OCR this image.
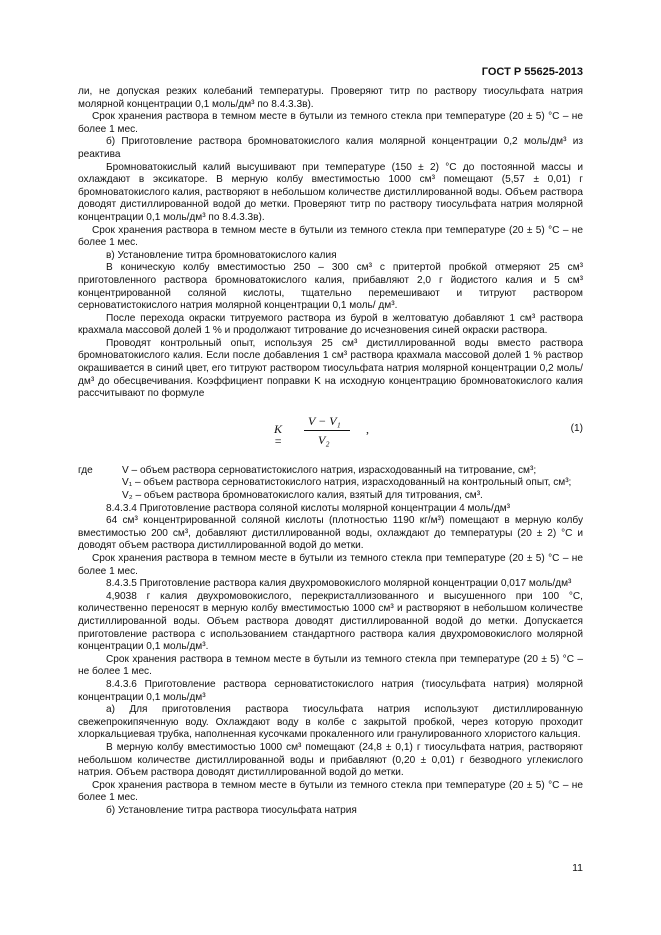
ГОСТ Р 55625-2013

ли, не допуская резких колебаний температуры. Проверяют титр по раствору тиосульфата натрия молярной концентрации 0,1 моль/дм³ по 8.4.3.3в).

Срок хранения раствора в темном месте в бутыли из темного стекла при температуре (20 ± 5) °С – не более 1 мес.

б) Приготовление раствора бромноватокислого калия молярной концентрации 0,2 моль/дм³ из реактива

Бромноватокислый калий высушивают при температуре (150 ± 2) °С до постоянной массы и охлаждают в эксикаторе. В мерную колбу вместимостью 1000 см³ помещают (5,57 ± 0,01) г бромноватокислого калия, растворяют в небольшом количестве дистиллированной воды. Объем раствора доводят дистиллированной водой до метки. Проверяют титр по раствору тиосульфата натрия молярной концентрации 0,1 моль/дм³ по 8.4.3.3в).

Срок хранения раствора в темном месте в бутыли из темного стекла при температуре (20 ± 5) °С – не более 1 мес.

в) Установление титра бромноватокислого калия

В коническую колбу вместимостью 250 – 300 см³ с притертой пробкой отмеряют 25 см³ приготовленного раствора бромноватокислого калия, прибавляют 2,0 г йодистого калия и 5 см³ концентрированной соляной кислоты, тщательно перемешивают и титруют раствором серноватистокислого натрия молярной концентрации 0,1 моль/ дм³.

После перехода окраски титруемого раствора из бурой в желтоватую добавляют 1 см³ раствора крахмала массовой долей 1 % и продолжают титрование до исчезновения синей окраски раствора.

Проводят контрольный опыт, используя 25 см³ дистиллированной воды вместо раствора бромноватокислого калия. Если после добавления 1 см³ раствора крахмала массовой долей 1 % раствор окрашивается в синий цвет, его титруют раствором тиосульфата натрия молярной концентрации 0,2 моль/дм³ до обесцвечивания. Коэффициент поправки K на исходную концентрацию бромноватокислого калия рассчитывают по формуле

K =
V − V₁
V₂
,	(1)
где	V – объем раствора серноватистокислого натрия, израсходованный на титрование, см³;
V₁ – объем раствора серноватистокислого натрия, израсходованный на контрольный опыт, см³;
V₂ – объем раствора бромноватокислого калия, взятый для титрования, см³.

8.4.3.4 Приготовление раствора соляной кислоты молярной концентрации 4 моль/дм³

64 см³ концентрированной соляной кислоты (плотностью 1190 кг/м³) помещают в мерную колбу вместимостью 200 см³, добавляют дистиллированной воды, охлаждают до температуры (20 ± 2) °С и доводят объем раствора дистиллированной водой до метки.

Срок хранения раствора в темном месте в бутыли из темного стекла при температуре (20 ± 5) °С – не более 1 мес.

8.4.3.5 Приготовление раствора калия двухромовокислого молярной концентрации 0,017 моль/дм³

4,9038 г калия двухромовокислого, перекристаллизованного и высушенного при 100 °С, количественно переносят в мерную колбу вместимостью 1000 см³ и растворяют в небольшом количестве дистиллированной воды. Объем раствора доводят дистиллированной водой до метки. Допускается приготовление раствора с использованием стандартного раствора калия двухромовокислого молярной концентрации 0,1 моль/дм³.

Срок хранения раствора в темном месте в бутыли из темного стекла при температуре (20 ± 5) °С – не более 1 мес.

8.4.3.6 Приготовление раствора серноватистокислого натрия (тиосульфата натрия) молярной концентрации 0,1 моль/дм³

а) Для приготовления раствора тиосульфата натрия используют дистиллированную свежепрокипяченную воду. Охлаждают воду в колбе с закрытой пробкой, через которую проходит хлоркальциевая трубка, наполненная кусочками прокаленного или гранулированного хлористого кальция.

В мерную колбу вместимостью 1000 см³ помещают (24,8 ± 0,1) г тиосульфата натрия, растворяют небольшом количестве дистиллированной воды и прибавляют (0,20 ± 0,01) г безводного углекислого натрия. Объем раствора доводят дистиллированной водой до метки.

Срок хранения раствора в темном месте в бутыли из темного стекла при температуре (20 ± 5) °С – не более 1 мес.

б) Установление титра раствора тиосульфата натрия

11
